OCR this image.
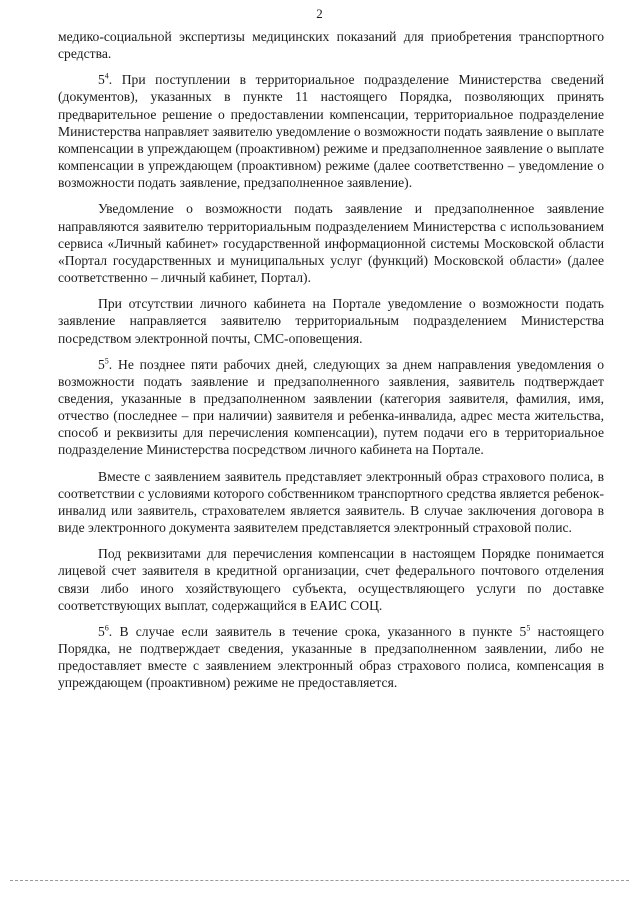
2

медико-социальной экспертизы медицинских показаний для приобретения транспортного средства.

$5^4$. При поступлении в территориальное подразделение Министерства сведений (документов), указанных в пункте 11 настоящего Порядка, позволяющих принять предварительное решение о предоставлении компенсации, территориальное подразделение Министерства направляет заявителю уведомление о возможности подать заявление о выплате компенсации в упреждающем (проактивном) режиме и предзаполненное заявление о выплате компенсации в упреждающем (проактивном) режиме (далее соответственно – уведомление о возможности подать заявление, предзаполненное заявление).

Уведомление о возможности подать заявление и предзаполненное заявление направляются заявителю территориальным подразделением Министерства с использованием сервиса «Личный кабинет» государственной информационной системы Московской области «Портал государственных и муниципальных услуг (функций) Московской области» (далее соответственно – личный кабинет, Портал).

При отсутствии личного кабинета на Портале уведомление о возможности подать заявление направляется заявителю территориальным подразделением Министерства посредством электронной почты, СМС-оповещения.

$5^5$. Не позднее пяти рабочих дней, следующих за днем направления уведомления о возможности подать заявление и предзаполненного заявления, заявитель подтверждает сведения, указанные в предзаполненном заявлении (категория заявителя, фамилия, имя, отчество (последнее – при наличии) заявителя и ребенка-инвалида, адрес места жительства, способ и реквизиты для перечисления компенсации), путем подачи его в территориальное подразделение Министерства посредством личного кабинета на Портале.

Вместе с заявлением заявитель представляет электронный образ страхового полиса, в соответствии с условиями которого собственником транспортного средства является ребенок-инвалид или заявитель, страхователем является заявитель. В случае заключения договора в виде электронного документа заявителем представляется электронный страховой полис.

Под реквизитами для перечисления компенсации в настоящем Порядке понимается лицевой счет заявителя в кредитной организации, счет федерального почтового отделения связи либо иного хозяйствующего субъекта, осуществляющего услуги по доставке соответствующих выплат, содержащийся в ЕАИС СОЦ.

$5^6$. В случае если заявитель в течение срока, указанного в пункте $5^5$ настоящего Порядка, не подтверждает сведения, указанные в предзаполненном заявлении, либо не предоставляет вместе с заявлением электронный образ страхового полиса, компенсация в упреждающем (проактивном) режиме не предоставляется.
